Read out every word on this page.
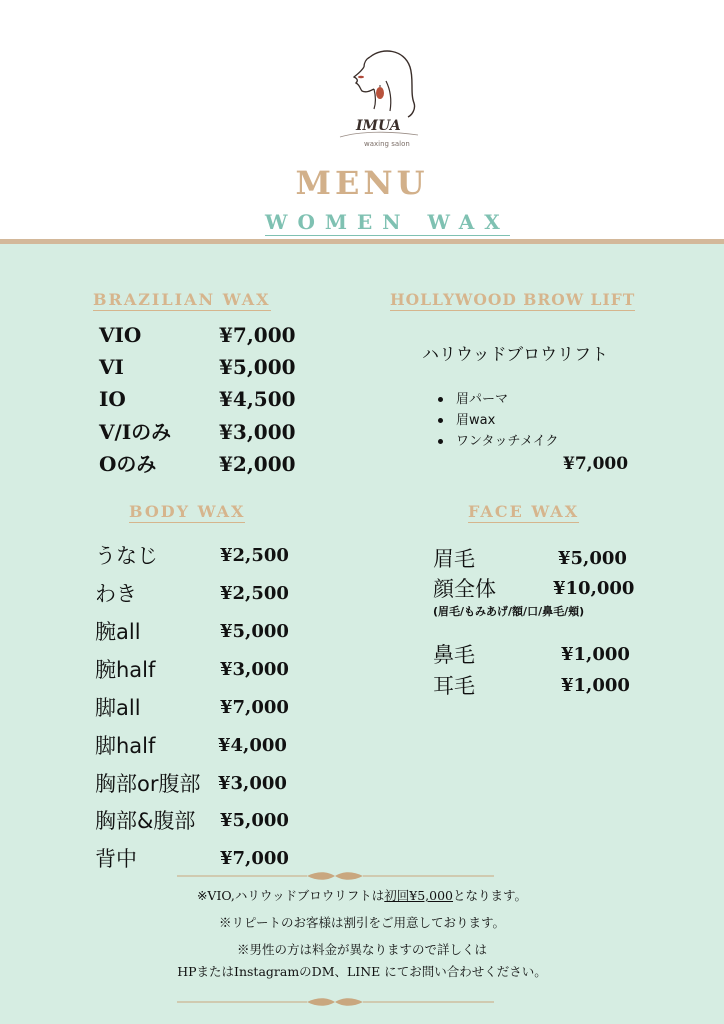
IMUA
waxing salon
MENU
WOMEN WAX
BRAZILIAN WAX
VIO	¥7,000
VI	¥5,000
IO	¥4,500
V/Iのみ ¥3,000
Oのみ	¥2,000
HOLLYWOOD BROW LIFT
ハリウッドブロウリフト
眉パーマ
眉wax
ワンタッチメイク
¥7,000
BODY WAX
うなじ	¥2,500
わき	¥2,500
腕all	¥5,000
腕half	¥3,000
脚all	¥7,000
脚half	¥4,000
胸部or腹部 ¥3,000
胸部&腹部 ¥5,000
背中	¥7,000
FACE WAX
眉毛	¥5,000
顔全体	¥10,000
(眉毛/もみあげ/額/口/鼻毛/頬)
鼻毛	¥1,000
耳毛	¥1,000
※VIO,ハリウッドブロウリフトは初回¥5,000となります。
※リピートのお客様は割引をご用意しております。
※男性の方は料金が異なりますので詳しくは
HPまたはInstagramのDM、LINE にてお問い合わせください。
